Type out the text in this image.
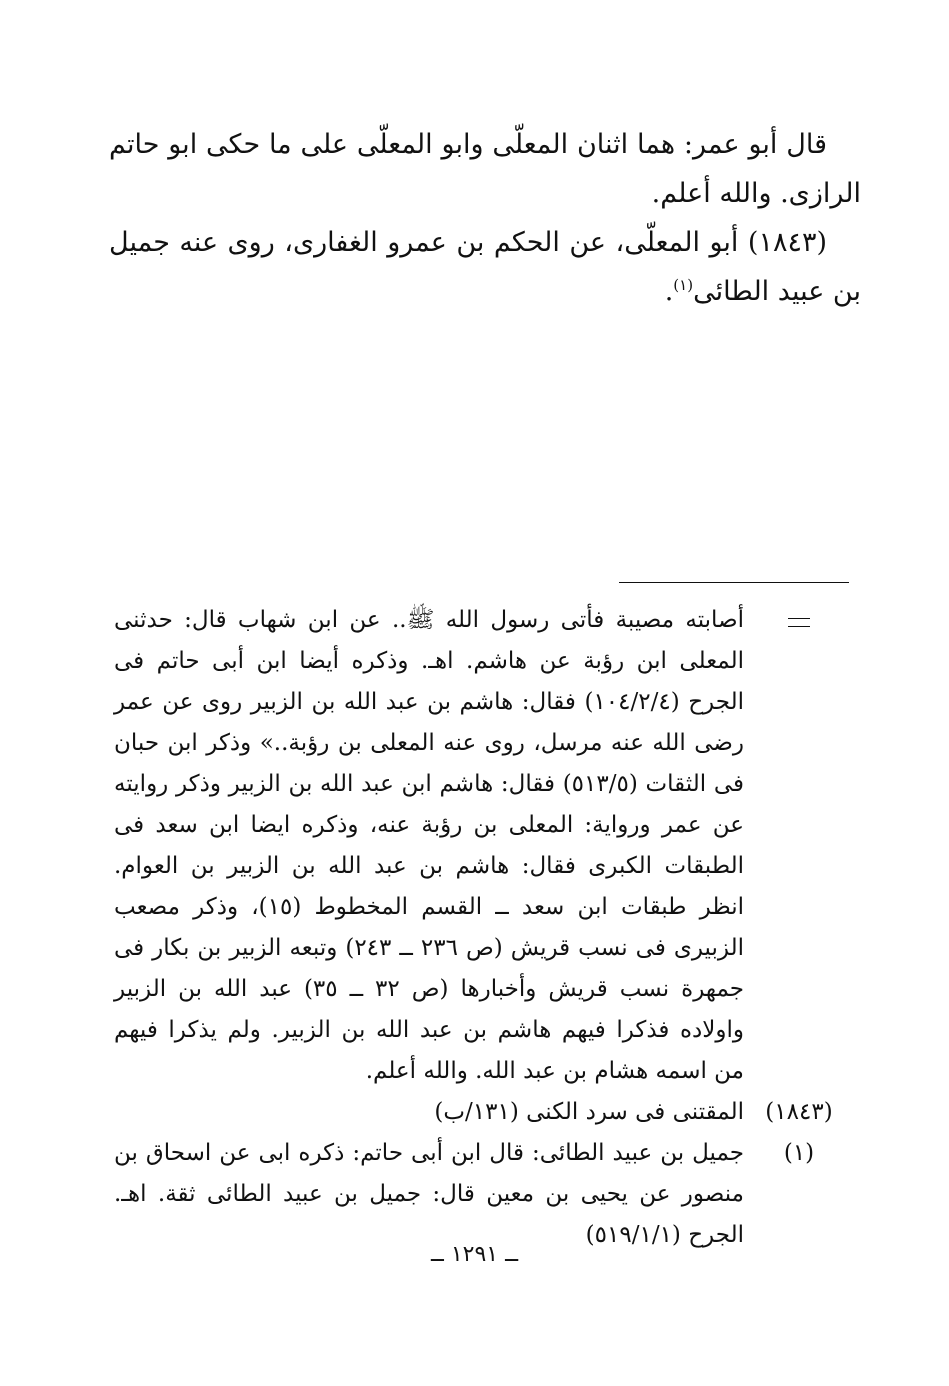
قال أبو عمر: هما اثنان المعلّى وابو المعلّى على ما حكى ابو حاتم الرازى. والله أعلم.

(١٨٤٣) أبو المعلّى، عن الحكم بن عمرو الغفارى، روى عنه جميل بن عبيد الطائى$^{(١)}$.

أصابته مصيبة فأتى رسول الله ﷺ.. عن ابن شهاب قال: حدثنى المعلى ابن رؤبة عن هاشم. اهـ. وذكره أيضا ابن أبى حاتم فى الجرح (١٠٤/٢/٤) فقال: هاشم بن عبد الله بن الزبير روى عن عمر رضى الله عنه مرسل، روى عنه المعلى بن رؤبة..» وذكر ابن حبان فى الثقات (٥١٣/٥) فقال: هاشم ابن عبد الله بن الزبير وذكر روايته عن عمر ورواية: المعلى بن رؤبة عنه، وذكره ايضا ابن سعد فى الطبقات الكبرى فقال: هاشم بن عبد الله بن الزبير بن العوام. انظر طبقات ابن سعد ــ القسم المخطوط (١٥)، وذكر مصعب الزبيرى فى نسب قريش (ص ٢٣٦ ــ ٢٤٣) وتبعه الزبير بن بكار فى جمهرة نسب قريش وأخبارها (ص ٣٢ ــ ٣٥) عبد الله بن الزبير واولاده فذكرا فيهم هاشم بن عبد الله بن الزبير. ولم يذكرا فيهم من اسمه هشام بن عبد الله. والله أعلم.
(١٨٤٣)
المقتنى فى سرد الكنى (١٣١/ب)
(١)
جميل بن عبيد الطائى: قال ابن أبى حاتم: ذكره ابى عن اسحاق بن منصور عن يحيى بن معين قال: جميل بن عبيد الطائى ثقة. اهـ. الجرح (٥١٩/١/١)
ــ ١٢٩١ ــ
